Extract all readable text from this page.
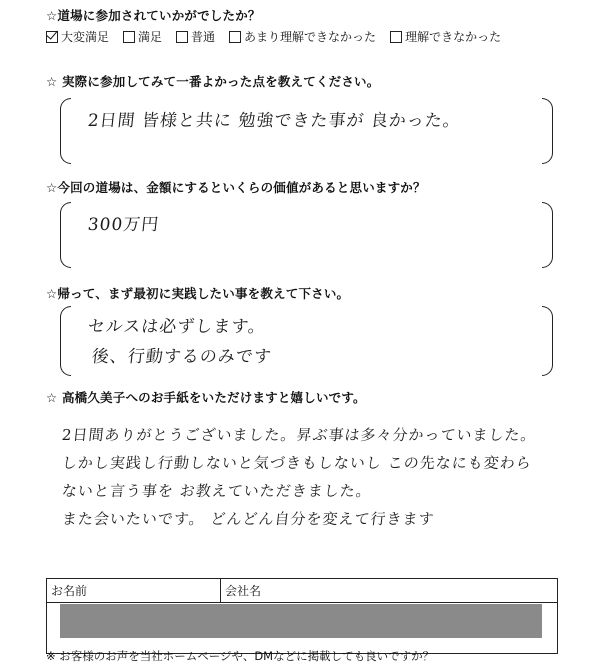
☆道場に参加されていかがでしたか？
大変満足 満足 普通 あまり理解できなかった 理解できなかった
☆ 実際に参加してみて一番よかった点を教えてください。
2日間 皆様と共に 勉強できた事が 良かった。
☆今回の道場は、金額にするといくらの価値があると思いますか？
300万円
☆帰って、まず最初に実践したい事を教えて下さい。
セルスは必ずします。
後、行動するのみです
☆ 高橋久美子へのお手紙をいただけますと嬉しいです。
2日間ありがとうございました。昇ぶ事は多々分かっていました。
しかし実践し行動しないと気づきもしないし この先なにも変わら
ないと言う事を お教えていただきました。
また会いたいです。 どんどん自分を変えて行きます
お名前	会社名

※ お客様のお声を当社ホームページや、DMなどに掲載しても良いですか？
